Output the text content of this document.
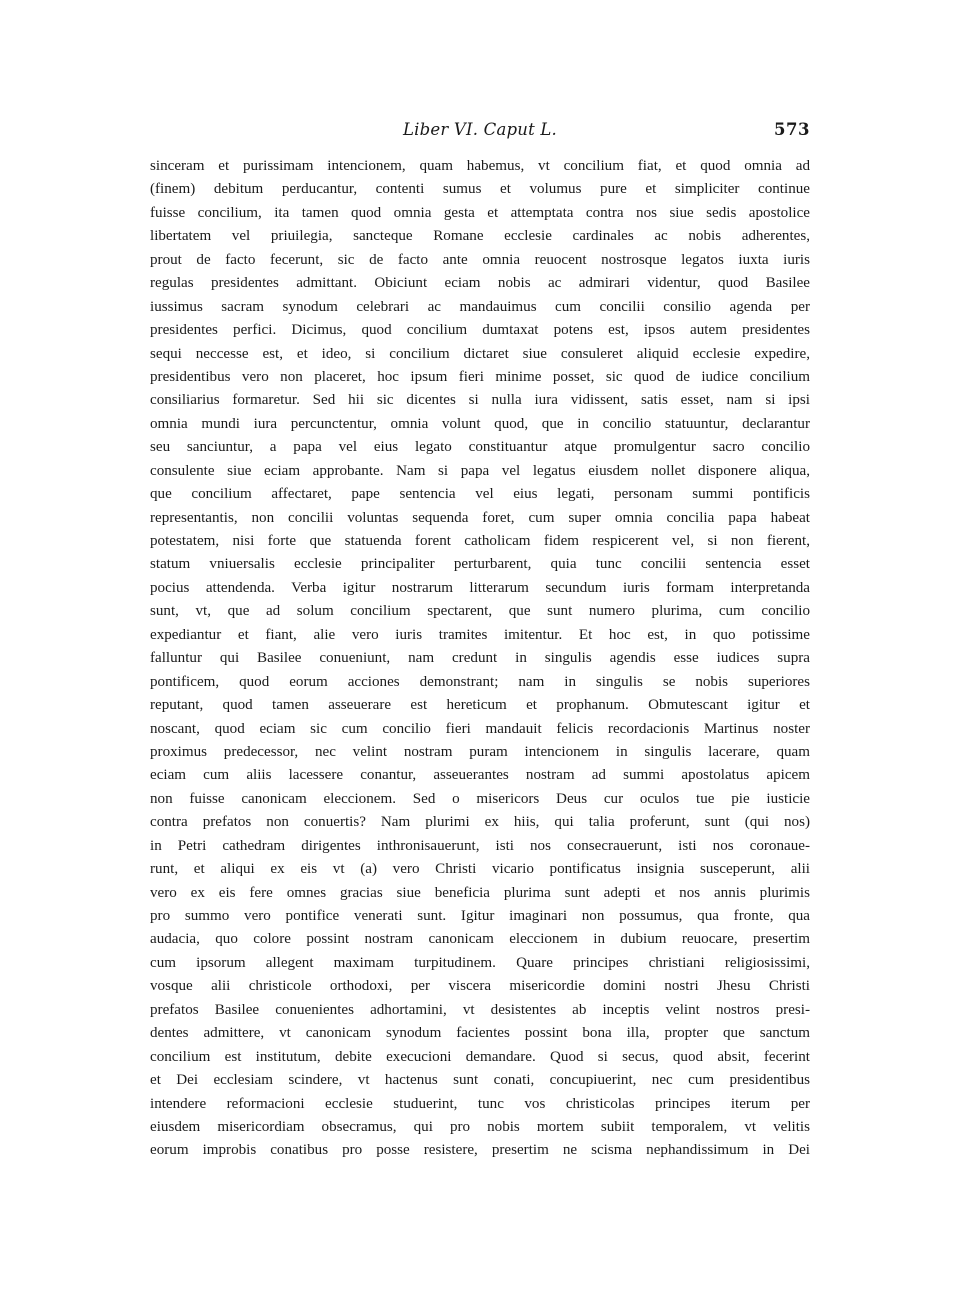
Liber VI. Caput L.	573
sinceram et purissimam intencionem, quam habemus, vt concilium fiat, et quod omnia ad
(finem) debitum perducantur, contenti sumus et volumus pure et simpliciter continue
fuisse concilium, ita tamen quod omnia gesta et attemptata contra nos siue sedis apostolice
libertatem vel priuilegia, sancteque Romane ecclesie cardinales ac nobis adherentes,
prout de facto fecerunt, sic de facto ante omnia reuocent nostrosque legatos iuxta iuris
regulas presidentes admittant. Obiciunt eciam nobis ac admirari videntur, quod Basilee
iussimus sacram synodum celebrari ac mandauimus cum concilii consilio agenda per
presidentes perfici. Dicimus, quod concilium dumtaxat potens est, ipsos autem presidentes
sequi neccesse est, et ideo, si concilium dictaret siue consuleret aliquid ecclesie expedire,
presidentibus vero non placeret, hoc ipsum fieri minime posset, sic quod de iudice concilium
consiliarius formaretur. Sed hii sic dicentes si nulla iura vidissent, satis esset, nam si ipsi
omnia mundi iura percunctentur, omnia volunt quod, que in concilio statuuntur, declarantur
seu sanciuntur, a papa vel eius legato constituantur atque promulgentur sacro concilio
consulente siue eciam approbante. Nam si papa vel legatus eiusdem nollet disponere aliqua,
que concilium affectaret, pape sentencia vel eius legati, personam summi pontificis
representantis, non concilii voluntas sequenda foret, cum super omnia concilia papa habeat
potestatem, nisi forte que statuenda forent catholicam fidem respicerent vel, si non fierent,
statum vniuersalis ecclesie principaliter perturbarent, quia tunc concilii sentencia esset
pocius attendenda. Verba igitur nostrarum litterarum secundum iuris formam interpretanda
sunt, vt, que ad solum concilium spectarent, que sunt numero plurima, cum concilio
expediantur et fiant, alie vero iuris tramites imitentur. Et hoc est, in quo potissime
falluntur qui Basilee conueniunt, nam credunt in singulis agendis esse iudices supra
pontificem, quod eorum acciones demonstrant; nam in singulis se nobis superiores
reputant, quod tamen asseuerare est hereticum et prophanum. Obmutescant igitur et
noscant, quod eciam sic cum concilio fieri mandauit felicis recordacionis Martinus noster
proximus predecessor, nec velint nostram puram intencionem in singulis lacerare, quam
eciam cum aliis lacessere conantur, asseuerantes nostram ad summi apostolatus apicem
non fuisse canonicam eleccionem. Sed o misericors Deus cur oculos tue pie iusticie
contra prefatos non conuertis? Nam plurimi ex hiis, qui talia proferunt, sunt (qui nos)
in Petri cathedram dirigentes inthronisauerunt, isti nos consecrauerunt, isti nos coronaue-
runt, et aliqui ex eis vt (a) vero Christi vicario pontificatus insignia susceperunt, alii
vero ex eis fere omnes gracias siue beneficia plurima sunt adepti et nos annis plurimis
pro summo vero pontifice venerati sunt. Igitur imaginari non possumus, qua fronte, qua
audacia, quo colore possint nostram canonicam eleccionem in dubium reuocare, presertim
cum ipsorum allegent maximam turpitudinem. Quare principes christiani religiosissimi,
vosque alii christicole orthodoxi, per viscera misericordie domini nostri Jhesu Christi
prefatos Basilee conuenientes adhortamini, vt desistentes ab inceptis velint nostros presi-
dentes admittere, vt canonicam synodum facientes possint bona illa, propter que sanctum
concilium est institutum, debite execucioni demandare. Quod si secus, quod absit, fecerint
et Dei ecclesiam scindere, vt hactenus sunt conati, concupiuerint, nec cum presidentibus
intendere reformacioni ecclesie studuerint, tunc vos christicolas principes iterum per
eiusdem misericordiam obsecramus, qui pro nobis mortem subiit temporalem, vt velitis
eorum improbis conatibus pro posse resistere, presertim ne scisma nephandissimum in Dei
